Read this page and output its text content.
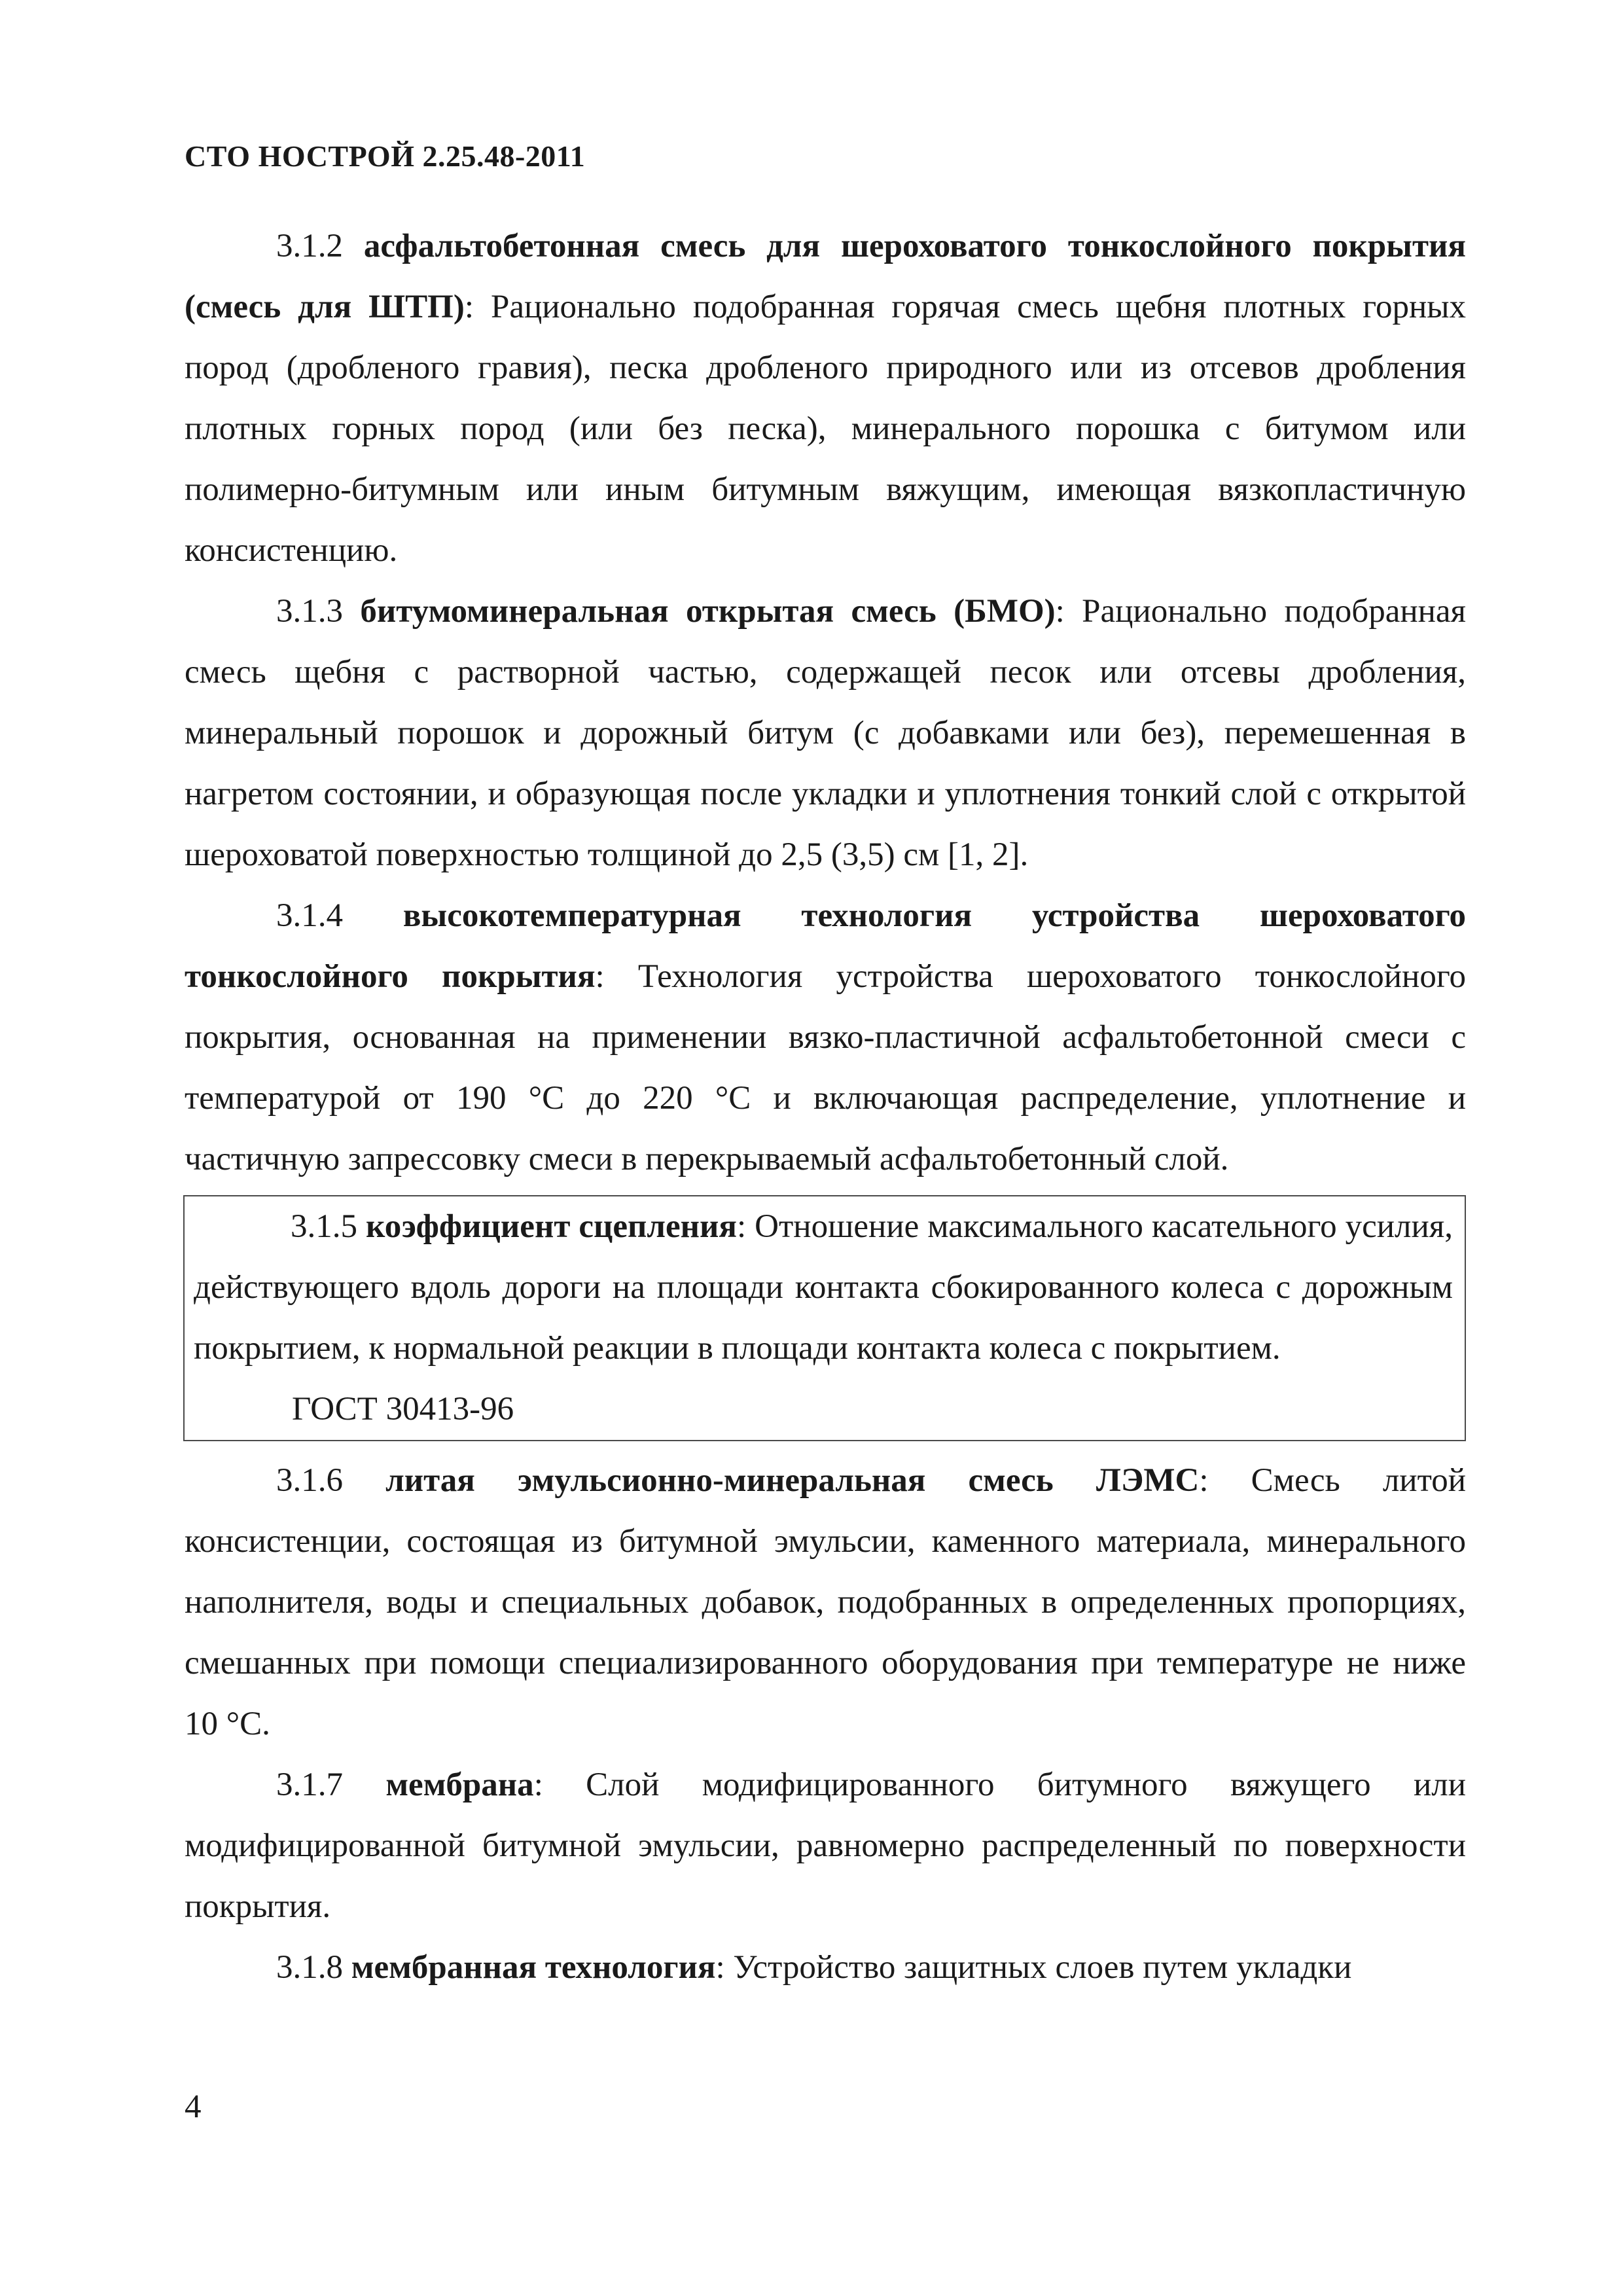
СТО НОСТРОЙ 2.25.48-2011

3.1.2 асфальтобетонная смесь для шероховатого тонкослойного покрытия (смесь для ШТП): Рационально подобранная горячая смесь щебня плотных горных пород (дробленого гравия), песка дробленого природного или из отсевов дробления плотных горных пород (или без песка), минерального порошка с битумом или полимерно-битумным или иным битумным вяжущим, имеющая вязкопластичную консистенцию.

3.1.3 битумоминеральная открытая смесь (БМО): Рационально подобранная смесь щебня с растворной частью, содержащей песок или отсевы дробления, минеральный порошок и дорожный битум (с добавками или без), перемешенная в нагретом состоянии, и образующая после укладки и уплотнения тонкий слой с открытой шероховатой поверхностью толщиной до 2,5 (3,5) см [1, 2].

3.1.4 высокотемпературная технология устройства шероховатого тонкослойного покрытия: Технология устройства шероховатого тонкослойного покрытия, основанная на применении вязко-пластичной асфальтобетонной смеси с температурой от 190 °С до 220 °С и включающая распределение, уплотнение и частичную запрессовку смеси в перекрываемый асфальтобетонный слой.

3.1.5 коэффициент сцепления: Отношение максимального касательного усилия, действующего вдоль дороги на площади контакта сбокированного колеса с дорожным покрытием, к нормальной реакции в площади контакта колеса с покрытием.

ГОСТ 30413-96

3.1.6 литая эмульсионно-минеральная смесь ЛЭМС: Смесь литой консистенции, состоящая из битумной эмульсии, каменного материала, минерального наполнителя, воды и специальных добавок, подобранных в определенных пропорциях, смешанных при помощи специализированного оборудования при температуре не ниже 10 °С.

3.1.7 мембрана: Слой модифицированного битумного вяжущего или модифицированной битумной эмульсии, равномерно распределенный по поверхности покрытия.

3.1.8 мембранная технология: Устройство защитных слоев путем укладки

4
